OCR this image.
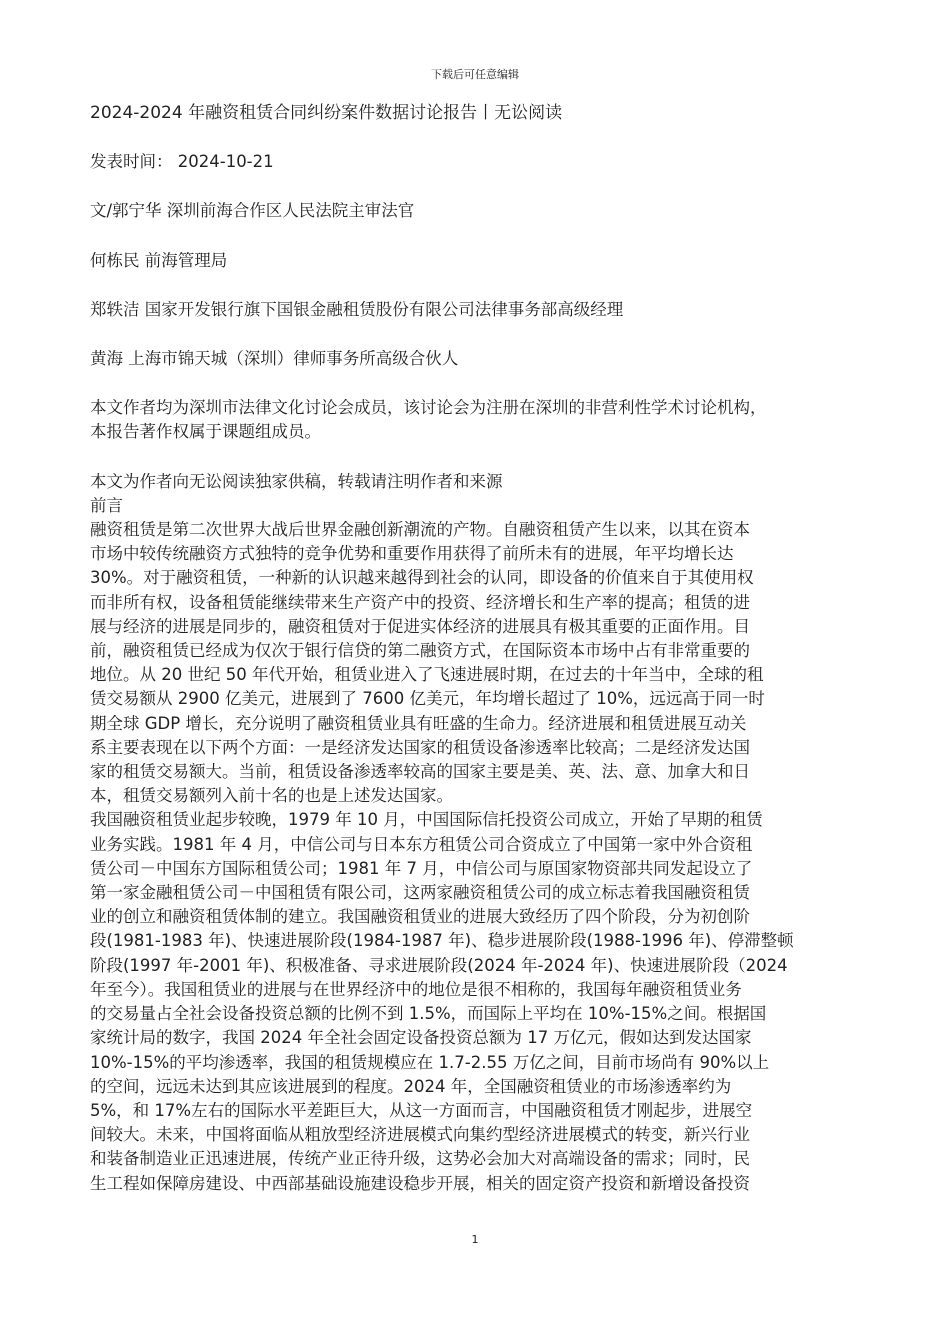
下载后可任意编辑

2024-2024 年融资租赁合同纠纷案件数据讨论报告丨无讼阅读

发表时间： 2024-10-21

文/郭宁华 深圳前海合作区人民法院主审法官

何栋民 前海管理局

郑轶洁 国家开发银行旗下国银金融租赁股份有限公司法律事务部高级经理

黄海 上海市锦天城（深圳）律师事务所高级合伙人

本文作者均为深圳市法律文化讨论会成员，该讨论会为注册在深圳的非营利性学术讨论机构，

本报告著作权属于课题组成员。

本文为作者向无讼阅读独家供稿，转载请注明作者和来源

前言

融资租赁是第二次世界大战后世界金融创新潮流的产物。自融资租赁产生以来，以其在资本

市场中较传统融资方式独特的竞争优势和重要作用获得了前所未有的进展，年平均增长达

30%。对于融资租赁，一种新的认识越来越得到社会的认同，即设备的价值来自于其使用权

而非所有权，设备租赁能继续带来生产资产中的投资、经济增长和生产率的提高；租赁的进

展与经济的进展是同步的，融资租赁对于促进实体经济的进展具有极其重要的正面作用。目

前，融资租赁已经成为仅次于银行信贷的第二融资方式，在国际资本市场中占有非常重要的

地位。从 20 世纪 50 年代开始，租赁业进入了飞速进展时期，在过去的十年当中，全球的租

赁交易额从 2900 亿美元，进展到了 7600 亿美元，年均增长超过了 10%，远远高于同一时

期全球 GDP 增长，充分说明了融资租赁业具有旺盛的生命力。经济进展和租赁进展互动关

系主要表现在以下两个方面：一是经济发达国家的租赁设备渗透率比较高；二是经济发达国

家的租赁交易额大。当前，租赁设备渗透率较高的国家主要是美、英、法、意、加拿大和日

本，租赁交易额列入前十名的也是上述发达国家。

我国融资租赁业起步较晚，1979 年 10 月，中国国际信托投资公司成立，开始了早期的租赁

业务实践。1981 年 4 月，中信公司与日本东方租赁公司合资成立了中国第一家中外合资租

赁公司－中国东方国际租赁公司；1981 年 7 月，中信公司与原国家物资部共同发起设立了

第一家金融租赁公司－中国租赁有限公司，这两家融资租赁公司的成立标志着我国融资租赁

业的创立和融资租赁体制的建立。我国融资租赁业的进展大致经历了四个阶段，分为初创阶

段(1981-1983 年)、快速进展阶段(1984-1987 年)、稳步进展阶段(1988-1996 年)、停滞整顿

阶段(1997 年-2001 年)、积极准备、寻求进展阶段(2024 年-2024 年)、快速进展阶段（2024

年至今）。我国租赁业的进展与在世界经济中的地位是很不相称的，我国每年融资租赁业务

的交易量占全社会设备投资总额的比例不到 1.5%，而国际上平均在 10%-15%之间。根据国

家统计局的数字，我国 2024 年全社会固定设备投资总额为 17 万亿元，假如达到发达国家

10%-15%的平均渗透率，我国的租赁规模应在 1.7-2.55 万亿之间，目前市场尚有 90%以上

的空间，远远未达到其应该进展到的程度。2024 年，全国融资租赁业的市场渗透率约为

5%，和 17%左右的国际水平差距巨大，从这一方面而言，中国融资租赁才刚起步，进展空

间较大。未来，中国将面临从粗放型经济进展模式向集约型经济进展模式的转变，新兴行业

和装备制造业正迅速进展，传统产业正待升级，这势必会加大对高端设备的需求；同时，民

生工程如保障房建设、中西部基础设施建设稳步开展，相关的固定资产投资和新增设备投资

1
